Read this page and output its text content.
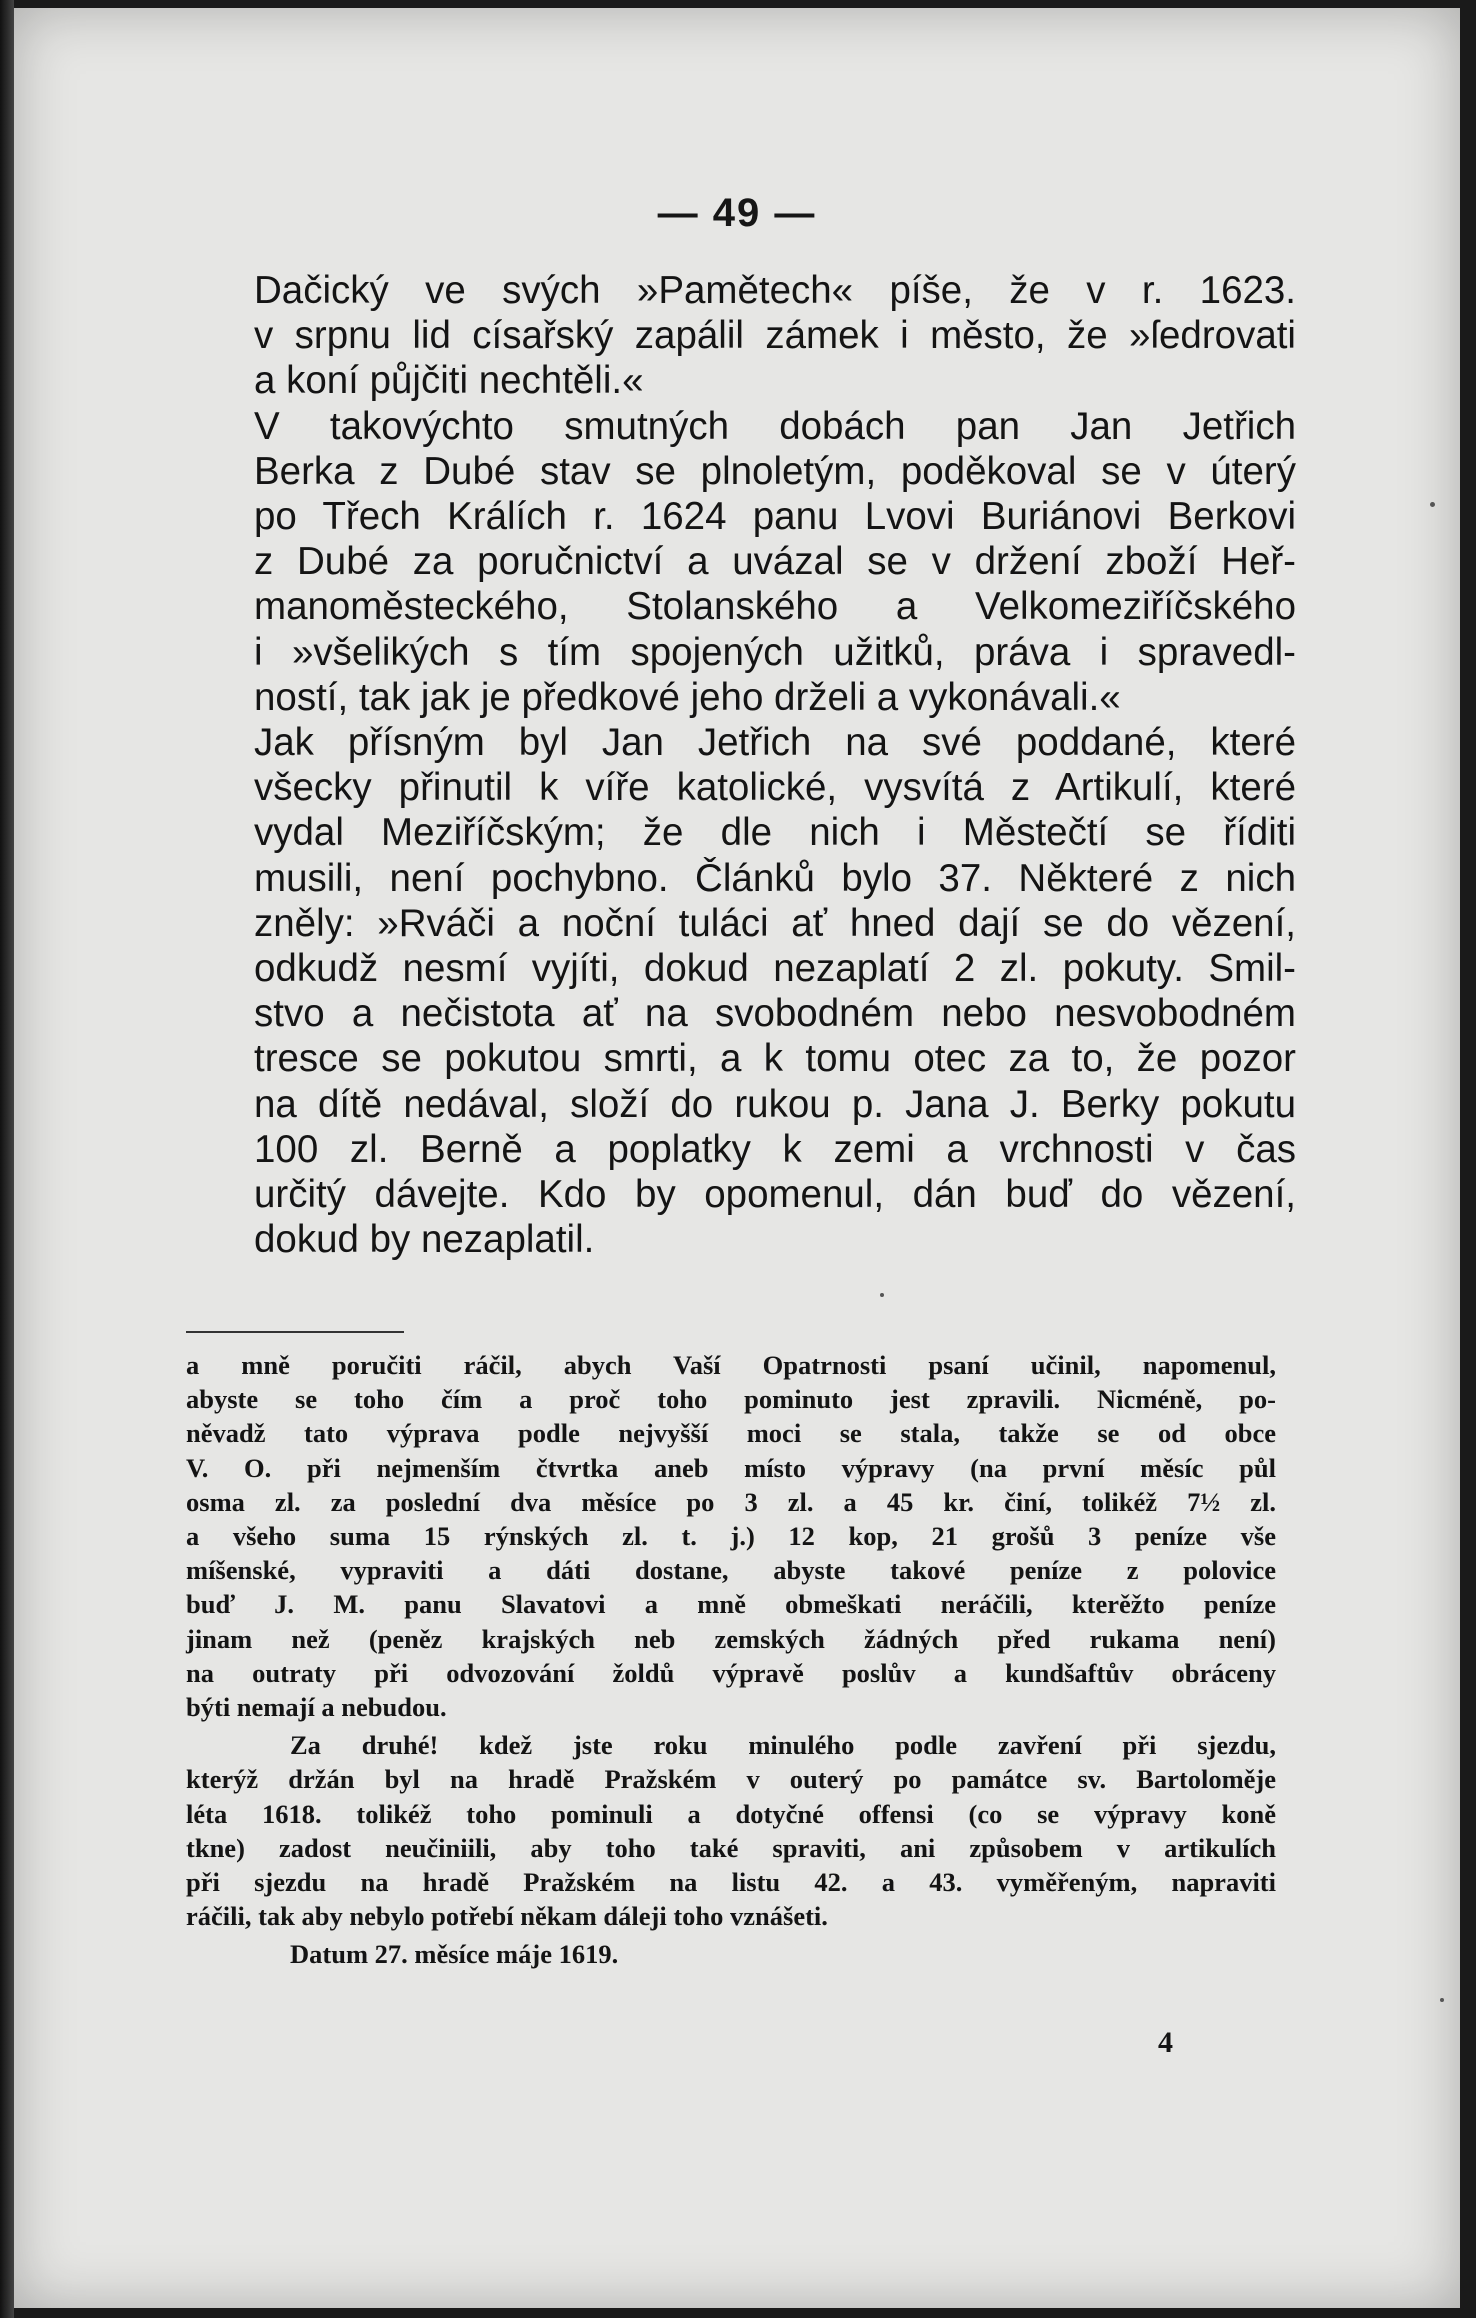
— 49 —

Dačický ve svých »Pamětech« píše, že v r. 1623.
v srpnu lid císařský zapálil zámek i město, že »ſedrovati
a koní půjčiti nechtěli.«

V takovýchto smutných dobách pan Jan Jetřich
Berka z Dubé stav se plnoletým, poděkoval se v úterý
po Třech Králích r. 1624 panu Lvovi Buriánovi Berkovi
z Dubé za poručnictví a uvázal se v držení zboží Heř-
manoměsteckého, Stolanského a Velkomeziříčského
i »všelikých s tím spojených užitků, práva i spravedl-
ností, tak jak je předkové jeho drželi a vykonávali.«

Jak přísným byl Jan Jetřich na své poddané, které
všecky přinutil k víře katolické, vysvítá z Artikulí, které
vydal Meziříčským; že dle nich i Městečtí se říditi
musili, není pochybno. Článků bylo 37. Některé z nich
zněly: »Rváči a noční tuláci ať hned dají se do vězení,
odkudž nesmí vyjíti, dokud nezaplatí 2 zl. pokuty. Smil-
stvo a nečistota ať na svobodném nebo nesvobodném
tresce se pokutou smrti, a k tomu otec za to, že pozor
na dítě nedával, složí do rukou p. Jana J. Berky pokutu
100 zl. Berně a poplatky k zemi a vrchnosti v čas
určitý dávejte. Kdo by opomenul, dán buď do vězení,
dokud by nezaplatil.

a mně poručiti ráčil, abych Vaší Opatrnosti psaní učinil, napomenul,
abyste se toho čím a proč toho pominuto jest zpravili. Nicméně, po-
něvadž tato výprava podle nejvyšší moci se stala, takže se od obce
V. O. při nejmenším čtvrtka aneb místo výpravy (na první měsíc půl
osma zl. za poslední dva měsíce po 3 zl. a 45 kr. činí, tolikéž 7½ zl.
a všeho suma 15 rýnských zl. t. j.) 12 kop, 21 grošů 3 peníze vše
míšenské, vypraviti a dáti dostane, abyste takové peníze z polovice
buď J. M. panu Slavatovi a mně obmeškati neráčili, kterěžto peníze
jinam než (peněz krajských neb zemských žádných před rukama není)
na outraty při odvozování žoldů výpravě poslův a kundšaftův obráceny
býti nemají a nebudou.

Za druhé! kdež jste roku minulého podle zavření při sjezdu,
kterýž držán byl na hradě Pražském v outerý po památce sv. Bartoloměje
léta 1618. tolikéž toho pominuli a dotyčné offensi (co se výpravy koně
tkne) zadost neučiniili, aby toho také spraviti, ani způsobem v artikulích
při sjezdu na hradě Pražském na listu 42. a 43. vyměřeným, napraviti
ráčili, tak aby nebylo potřebí někam dáleji toho vznášeti.

Datum 27. měsíce máje 1619.

4
